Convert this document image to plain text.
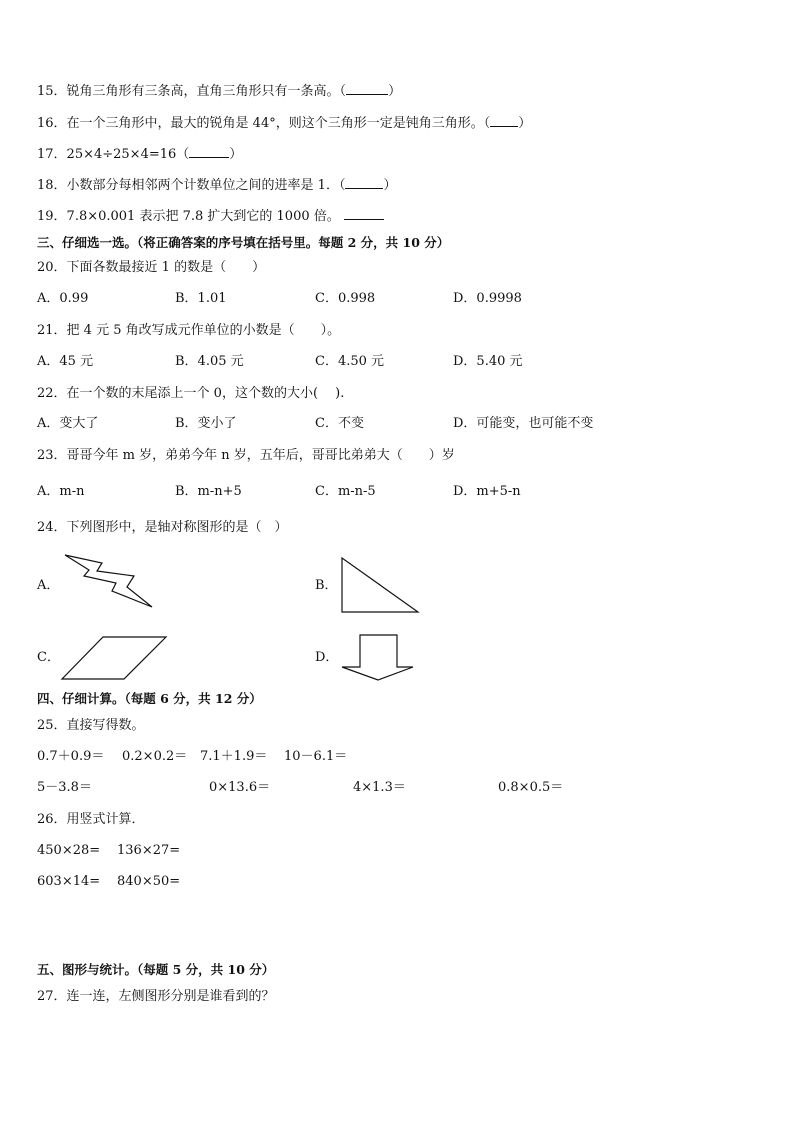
15．锐角三角形有三条高，直角三角形只有一条高。（	）
16．在一个三角形中，最大的锐角是 44°，则这个三角形一定是钝角三角形。（ ）
17．25×4÷25×4=16（	）
18．小数部分每相邻两个计数单位之间的进率是 1．（	）
19．7.8×0.001 表示把 7.8 扩大到它的 1000 倍。
三、仔细选一选。（将正确答案的序号填在括号里。每题 2 分，共 10 分）
20．下面各数最接近 1 的数是（　　）
A．0.99	B．1.01	C．0.998	D．0.9998
21．把 4 元 5 角改写成元作单位的小数是（　　）。
A．45 元	B．4.05 元	C．4.50 元	D．5.40 元
22．在一个数的末尾添上一个 0，这个数的大小(　 ).
A．变大了	B．变小了	C．不变	D．可能变，也可能不变
23．哥哥今年 m 岁，弟弟今年 n 岁，五年后，哥哥比弟弟大（　　）岁
A．m-n	B．m-n+5	C．m-n-5	D．m+5-n
24．下列图形中，是轴对称图形的是（　）
A．	B．
C．	D．
四、仔细计算。（每题 6 分，共 12 分）
25．直接写得数。
0.7＋0.9＝ 0.2×0.2＝ 7.1＋1.9＝ 10－6.1＝
5－3.8＝	0×13.6＝	4×1.3＝	0.8×0.5＝
26．用竖式计算．
450×28= 136×27=
603×14= 840×50=
五、图形与统计。（每题 5 分，共 10 分）
27．连一连，左侧图形分别是谁看到的？
